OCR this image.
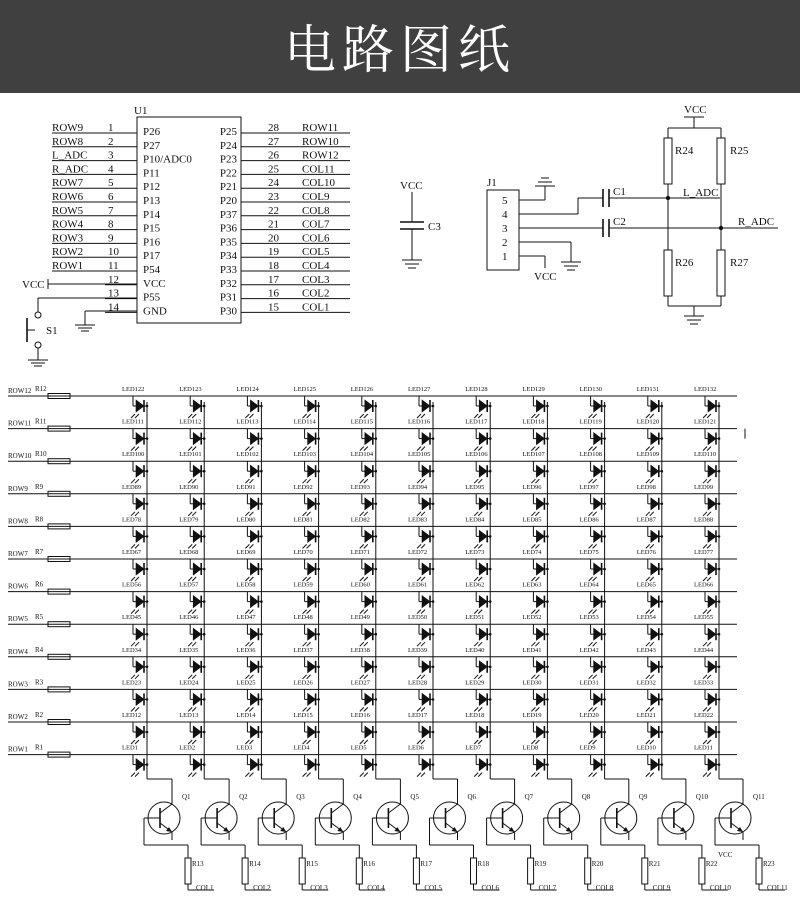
电路图纸
U1
ROW9 1	P26
ROW8 2	P27
L_ADC 3	P10/ADC0
R_ADC 4	P11
ROW7 5	P12
ROW6 6	P13
ROW5 7	P14
ROW4 8	P15
ROW3 9	P16
ROW2 10 P17
ROW1 11 P54
12 VCC
13 P55
14 GND
P25	28 ROW11
P24	27 ROW10
P23	26 ROW12
P22	25 COL11
P21	24 COL10
P20	23 COL9
P37	22 COL8
P36	21 COL7
P35	20 COL6
P34	19 COL5
P33	18 COL4
P32	17 COL3
P31	16 COL2
P30	15 COL1
VCC
S1
VCC
C3
J1
5
4
3
2
1
VCC
C1
C2
VCC
R24
R26
R25
R27
L_ADC
R_ADC
ROW12 R12	LED122	LED123	LED124	LED125	LED126	LED127	LED128	LED129	LED130	LED131	LED132
ROW11 R11	LED111	LED112	LED113	LED114	LED115	LED116	LED117	LED118	LED119	LED120	LED121
ROW10 R10	LED100	LED101	LED102	LED103	LED104	LED105	LED106	LED107	LED108	LED109	LED110
ROW9 R9	LED89	LED90	LED91	LED92	LED93	LED94	LED95	LED96	LED97	LED98	LED99
ROW8 R8	LED78	LED79	LED80	LED81	LED82	LED83	LED84	LED85	LED86	LED87	LED88
ROW7 R7	LED67	LED68	LED69	LED70	LED71	LED72	LED73	LED74	LED75	LED76	LED77
ROW6 R6	LED56	LED57	LED58	LED59	LED60	LED61	LED62	LED63	LED64	LED65	LED66
ROW5 R5	LED45	LED46	LED47	LED48	LED49	LED50	LED51	LED52	LED53	LED54	LED55
ROW4 R4	LED34	LED35	LED36	LED37	LED38	LED39	LED40	LED41	LED42	LED43	LED44
ROW3 R3	LED23	LED24	LED25	LED26	LED27	LED28	LED29	LED30	LED31	LED32	LED33
ROW2 R2	LED12	LED13	LED14	LED15	LED16	LED17	LED18	LED19	LED20	LED21	LED22
ROW1 R1	LED1	LED2	LED3	LED4	LED5	LED6	LED7	LED8	LED9	LED10	LED11
Q1
R13
COL1
Q2
R14
COL2
Q3
R15
COL3
Q4
R16
COL4
Q5
R17
COL5
Q6
R18
COL6
Q7
R19
COL7
Q8
R20
COL8
Q9
R21
COL9
Q10
R22
COL10
Q11
R23
COL11
VCC
